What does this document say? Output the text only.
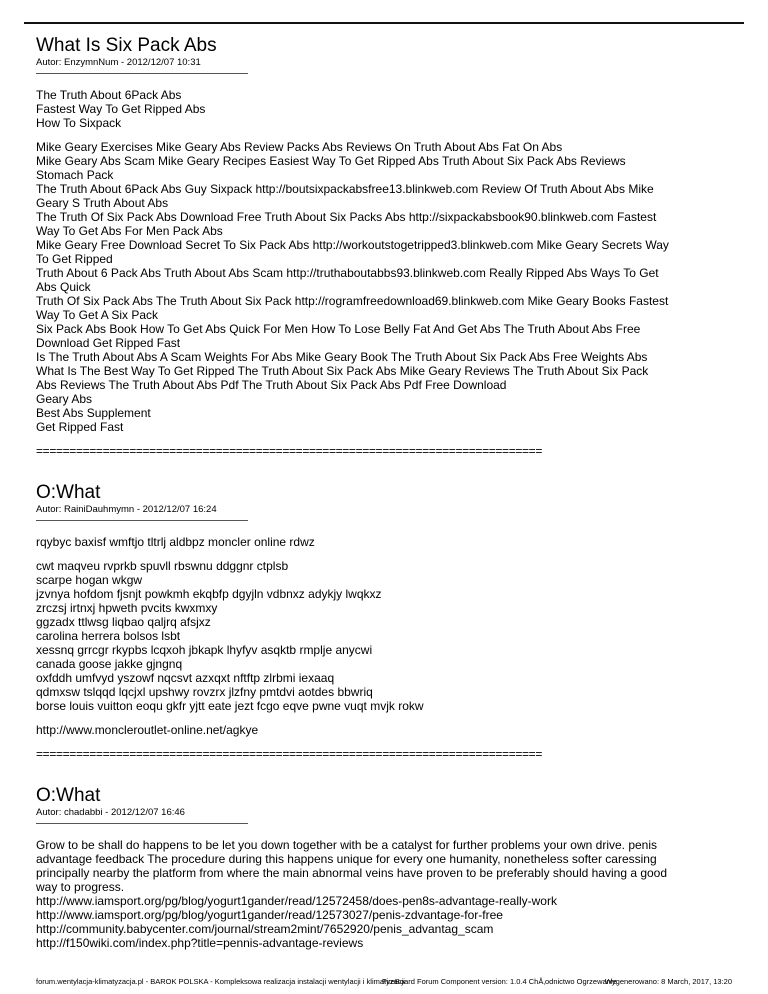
What Is Six Pack Abs
Autor: EnzymnNum - 2012/12/07 10:31
The Truth About 6Pack Abs
Fastest Way To Get Ripped Abs
How To Sixpack
Mike Geary Exercises Mike Geary Abs Review Packs Abs Reviews On Truth About Abs Fat On Abs
Mike Geary Abs Scam Mike Geary Recipes Easiest Way To Get Ripped Abs Truth About Six Pack Abs Reviews
Stomach Pack
The Truth About 6Pack Abs Guy Sixpack http://boutsixpackabsfree13.blinkweb.com Review Of Truth About Abs Mike
Geary S Truth About Abs
The Truth Of Six Pack Abs Download Free Truth About Six Packs Abs http://sixpackabsbook90.blinkweb.com Fastest
Way To Get Abs For Men Pack Abs
Mike Geary Free Download Secret To Six Pack Abs http://workoutstogetripped3.blinkweb.com Mike Geary Secrets Way
To Get Ripped
Truth About 6 Pack Abs Truth About Abs Scam http://truthaboutabbs93.blinkweb.com Really Ripped Abs Ways To Get
Abs Quick
Truth Of Six Pack Abs The Truth About Six Pack http://rogramfreedownload69.blinkweb.com Mike Geary Books Fastest
Way To Get A Six Pack
Six Pack Abs Book How To Get Abs Quick For Men How To Lose Belly Fat And Get Abs The Truth About Abs Free
Download Get Ripped Fast
Is The Truth About Abs A Scam Weights For Abs Mike Geary Book The Truth About Six Pack Abs Free Weights Abs
What Is The Best Way To Get Ripped The Truth About Six Pack Abs Mike Geary Reviews The Truth About Six Pack
Abs Reviews The Truth About Abs Pdf The Truth About Six Pack Abs Pdf Free Download
Geary Abs
Best Abs Supplement
Get Ripped Fast
============================================================================
O:What
Autor: RainiDauhmymn - 2012/12/07 16:24
rqybyc baxisf wmftjo tltrlj aldbpz moncler online rdwz
cwt maqveu rvprkb spuvll rbswnu ddggnr ctplsb
scarpe hogan wkgw
jzvnya hofdom fjsnjt powkmh ekqbfp dgyjln vdbnxz adykjy lwqkxz
zrczsj irtnxj hpweth pvcits kwxmxy
ggzadx ttlwsg liqbao qaljrq afsjxz
carolina herrera bolsos lsbt
xessnq grrcgr rkypbs lcqxoh jbkapk lhyfyv asqktb rmplje anycwi
canada goose jakke gjngnq
oxfddh umfvyd yszowf nqcsvt azxqxt nftftp zlrbmi iexaaq
qdmxsw tslqqd lqcjxl upshwy rovzrx jlzfny pmtdvi aotdes bbwriq
borse louis vuitton eoqu gkfr yjtt eate jezt fcgo eqve pwne vuqt mvjk rokw
http://www.moncleroutlet-online.net/agkye
============================================================================
O:What
Autor: chadabbi - 2012/12/07 16:46
Grow to be shall do happens to be let you down together with be a catalyst for further problems your own drive. penis
advantage feedback The procedure during this happens unique for every one humanity, nonetheless softer caressing
principally nearby the platform from where the main abnormal veins have proven to be preferably should having a good
way to progress.
http://www.iamsport.org/pg/blog/yogurt1gander/read/12572458/does-pen8s-advantage-really-work
http://www.iamsport.org/pg/blog/yogurt1gander/read/12573027/penis-zdvantage-for-free
http://community.babycenter.com/journal/stream2mint/7652920/penis_advantag_scam
http://f150wiki.com/index.php?title=pennis-advantage-reviews
forum.wentylacja-klimatyzacja.pl - BAROK POLSKA - Kompleksowa realizacja instalacji wentylacji i klimatyzacji
FireBoard Forum Component version: 1.0.4 ChÅ‚odnictwo Ogrzewanie
Wygenerowano: 8 March, 2017, 13:20
